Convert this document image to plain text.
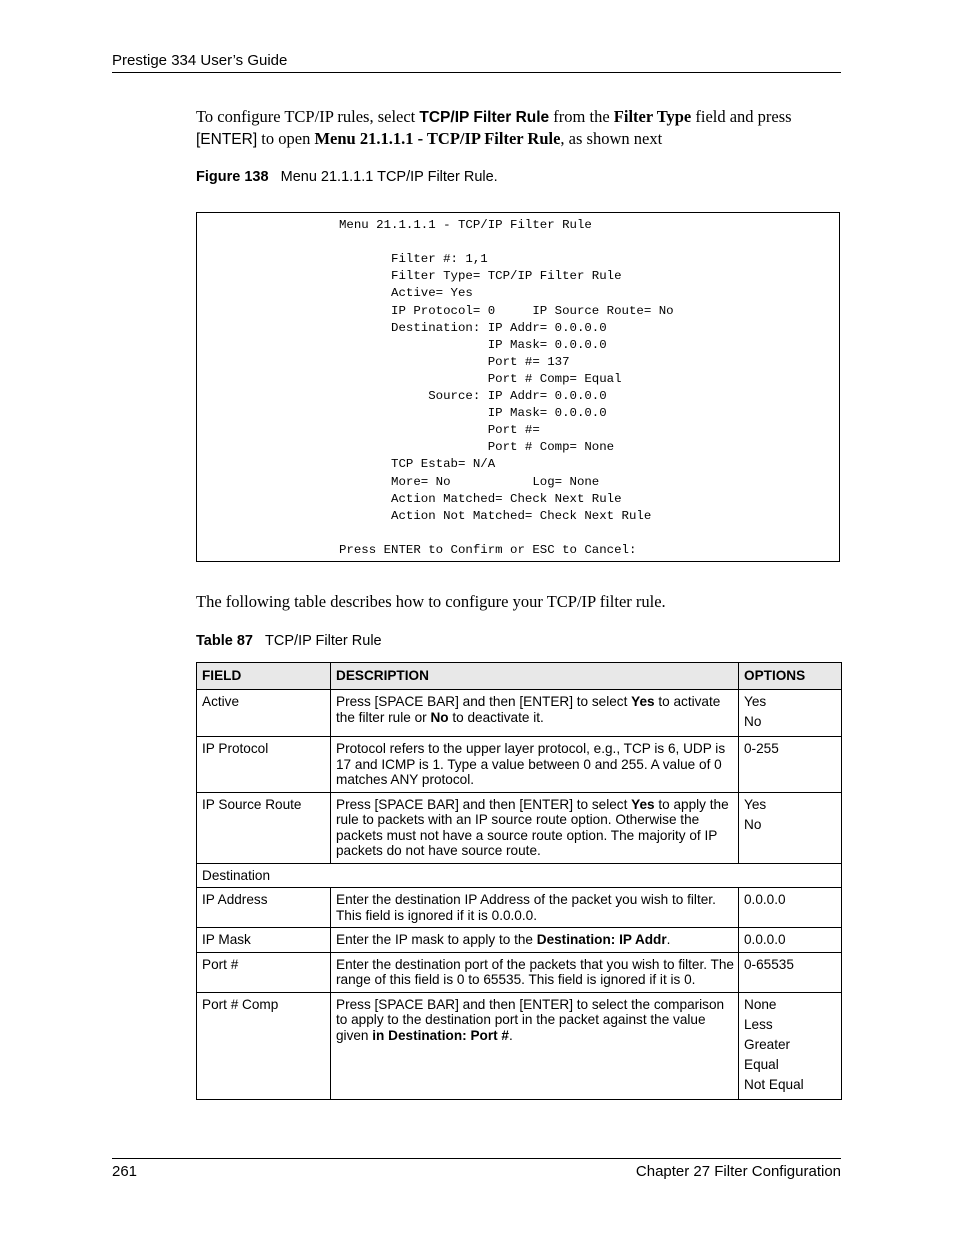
Prestige 334 User’s Guide
To configure TCP/IP rules, select TCP/IP Filter Rule from the Filter Type field and press
[ENTER] to open Menu 21.1.1.1 - TCP/IP Filter Rule, as shown next
Figure 138 Menu 21.1.1.1 TCP/IP Filter Rule.
Menu 21.1.1.1 - TCP/IP Filter Rule
Filter #: 1,1
Filter Type= TCP/IP Filter Rule
Active= Yes
IP Protocol= 0     IP Source Route= No
Destination: IP Addr= 0.0.0.0
IP Mask= 0.0.0.0
Port #= 137
Port # Comp= Equal
Source: IP Addr= 0.0.0.0
IP Mask= 0.0.0.0
Port #=
Port # Comp= None
TCP Estab= N/A
More= No           Log= None
Action Matched= Check Next Rule
Action Not Matched= Check Next Rule
Press ENTER to Confirm or ESC to Cancel:
The following table describes how to configure your TCP/IP filter rule.
Table 87 TCP/IP Filter Rule
FIELD	DESCRIPTION	OPTIONS
Active	Press [SPACE BAR] and then [ENTER] to select Yes to activate the filter rule or No to deactivate it.	Yes
No

IP Protocol	Protocol refers to the upper layer protocol, e.g., TCP is 6, UDP is 17 and ICMP is 1. Type a value between 0 and 255. A value of 0 matches ANY protocol.	0-255
IP Source Route	Press [SPACE BAR] and then [ENTER] to select Yes to apply the rule to packets with an IP source route option. Otherwise the packets must not have a source route option. The majority of IP packets do not have source route.	Yes
No

Destination		
IP Address	Enter the destination IP Address of the packet you wish to filter. This field is ignored if it is 0.0.0.0.	0.0.0.0
IP Mask	Enter the IP mask to apply to the Destination: IP Addr.	0.0.0.0
Port #	Enter the destination port of the packets that you wish to filter. The range of this field is 0 to 65535. This field is ignored if it is 0.	0-65535
Port # Comp	Press [SPACE BAR] and then [ENTER] to select the comparison to apply to the destination port in the packet against the value given in Destination: Port #.	None
Less
Greater
Equal
Not Equal
261	Chapter 27 Filter Configuration
